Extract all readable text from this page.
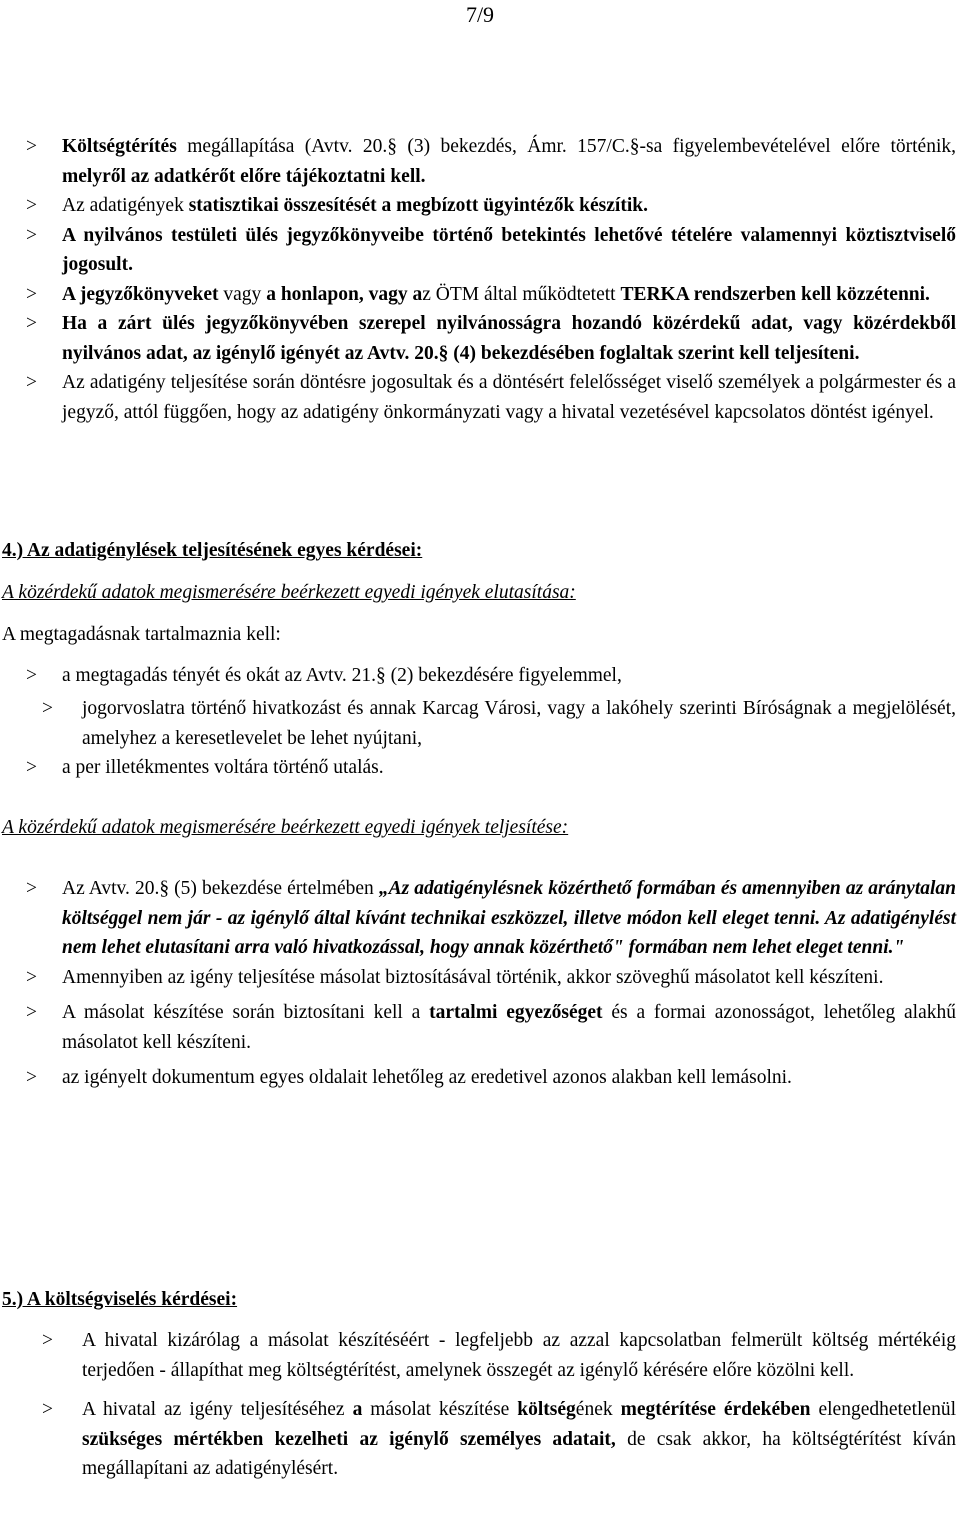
7/9
> Költségtérítés megállapítása (Avtv. 20.§ (3) bekezdés, Ámr. 157/C.§-sa figyelembevételével előre történik, melyről az adatkérőt előre tájékoztatni kell.
> Az adatigények statisztikai összesítését a megbízott ügyintézők készítik.
> A nyilvános testületi ülés jegyzőkönyveibe történő betekintés lehetővé tételére valamennyi köztisztviselő jogosult.
> A jegyzőkönyveket vagy a honlapon, vagy az ÖTM által működtetett TERKA rendszerben kell közzétenni.
> Ha a zárt ülés jegyzőkönyvében szerepel nyilvánosságra hozandó közérdekű adat, vagy közérdekből nyilvános adat, az igénylő igényét az Avtv. 20.§ (4) bekezdésében foglaltak szerint kell teljesíteni.
> Az adatigény teljesítése során döntésre jogosultak és a döntésért felelősséget viselő személyek a polgármester és a jegyző, attól függően, hogy az adatigény önkormányzati vagy a hivatal vezetésével kapcsolatos döntést igényel.
4.) Az adatigénylések teljesítésének egyes kérdései:
A közérdekű adatok megismerésére beérkezett egyedi igények elutasítása:
A megtagadásnak tartalmaznia kell:
> a megtagadás tényét és okát az Avtv. 21.§ (2) bekezdésére figyelemmel,
> jogorvoslatra történő hivatkozást és annak Karcag Városi, vagy a lakóhely szerinti Bíróságnak a megjelölését, amelyhez a keresetlevelet be lehet nyújtani,
> a per illetékmentes voltára történő utalás.
A közérdekű adatok megismerésére beérkezett egyedi igények teljesítése:
> Az Avtv. 20.§ (5) bekezdése értelmében „Az adatigénylésnek közérthető formában és amennyiben az aránytalan költséggel nem jár - az igénylő által kívánt technikai eszközzel, illetve módon kell eleget tenni. Az adatigénylést nem lehet elutasítani arra való hivatkozással, hogy annak közérthető" formában nem lehet eleget tenni."
> Amennyiben az igény teljesítése másolat biztosításával történik, akkor szöveghű másolatot kell készíteni.
> A másolat készítése során biztosítani kell a tartalmi egyezőséget és a formai azonosságot, lehetőleg alakhű másolatot kell készíteni.
> az igényelt dokumentum egyes oldalait lehetőleg az eredetivel azonos alakban kell lemásolni.
5.) A költségviselés kérdései:
> A hivatal kizárólag a másolat készítéséért - legfeljebb az azzal kapcsolatban felmerült költség mértékéig terjedően - állapíthat meg költségtérítést, amelynek összegét az igénylő kérésére előre közölni kell.
> A hivatal az igény teljesítéséhez a másolat készítése költségének megtérítése érdekében elengedhetetlenül szükséges mértékben kezelheti az igénylő személyes adatait, de csak akkor, ha költségtérítést kíván megállapítani az adatigénylésért.
